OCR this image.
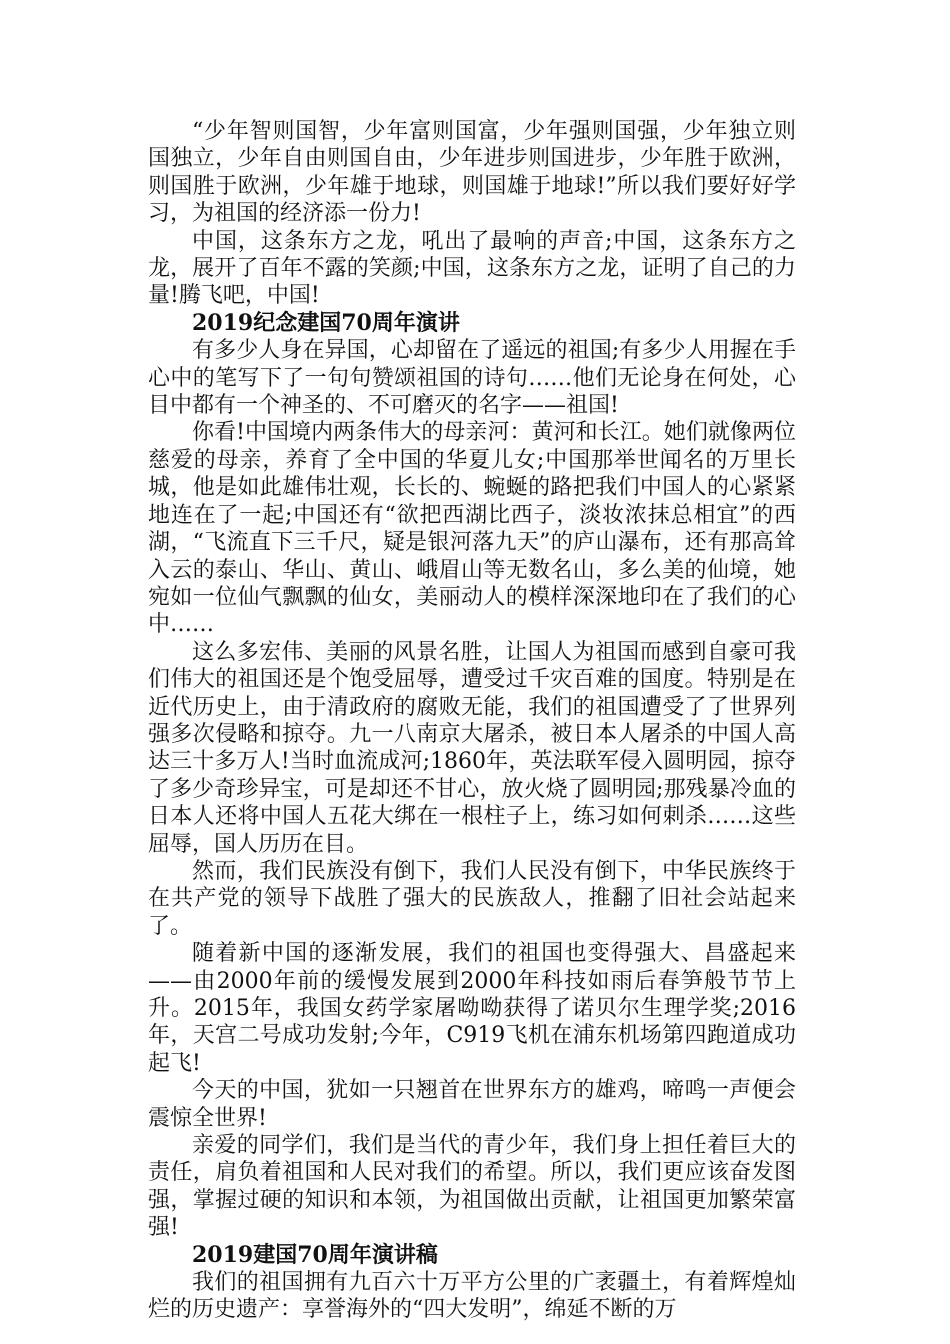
“少年智则国智，少年富则国富，少年强则国强，少年独立则国独立，少年自由则国自由，少年进步则国进步，少年胜于欧洲，则国胜于欧洲，少年雄于地球，则国雄于地球!”所以我们要好好学习，为祖国的经济添一份力!

中国，这条东方之龙，吼出了最响的声音;中国，这条东方之龙，展开了百年不露的笑颜;中国，这条东方之龙，证明了自己的力量!腾飞吧，中国!

2019纪念建国70周年演讲

有多少人身在异国，心却留在了遥远的祖国;有多少人用握在手心中的笔写下了一句句赞颂祖国的诗句……他们无论身在何处，心目中都有一个神圣的、不可磨灭的名字——祖国!

你看!中国境内两条伟大的母亲河：黄河和长江。她们就像两位慈爱的母亲，养育了全中国的华夏儿女;中国那举世闻名的万里长城，他是如此雄伟壮观，长长的、蜿蜒的路把我们中国人的心紧紧地连在了一起;中国还有“欲把西湖比西子，淡妆浓抹总相宜”的西湖，“飞流直下三千尺，疑是银河落九天”的庐山瀑布，还有那高耸入云的泰山、华山、黄山、峨眉山等无数名山，多么美的仙境，她宛如一位仙气飘飘的仙女，美丽动人的模样深深地印在了我们的心中……

这么多宏伟、美丽的风景名胜，让国人为祖国而感到自豪可我们伟大的祖国还是个饱受屈辱，遭受过千灾百难的国度。特别是在近代历史上，由于清政府的腐败无能，我们的祖国遭受了了世界列强多次侵略和掠夺。九一八南京大屠杀，被日本人屠杀的中国人高达三十多万人!当时血流成河;1860年，英法联军侵入圆明园，掠夺了多少奇珍异宝，可是却还不甘心，放火烧了圆明园;那残暴冷血的日本人还将中国人五花大绑在一根柱子上，练习如何刺杀……这些屈辱，国人历历在目。

然而，我们民族没有倒下，我们人民没有倒下，中华民族终于在共产党的领导下战胜了强大的民族敌人，推翻了旧社会站起来了。

随着新中国的逐渐发展，我们的祖国也变得强大、昌盛起来——由2000年前的缓慢发展到2000年科技如雨后春笋般节节上升。2015年，我国女药学家屠呦呦获得了诺贝尔生理学奖;2016年，天宫二号成功发射;今年，C919飞机在浦东机场第四跑道成功起飞!

今天的中国，犹如一只翘首在世界东方的雄鸡，啼鸣一声便会震惊全世界!

亲爱的同学们，我们是当代的青少年，我们身上担任着巨大的责任，肩负着祖国和人民对我们的希望。所以，我们更应该奋发图强，掌握过硬的知识和本领，为祖国做出贡献，让祖国更加繁荣富强!

2019建国70周年演讲稿

我们的祖国拥有九百六十万平方公里的广袤疆土，有着辉煌灿烂的历史遗产：享誉海外的“四大发明”，绵延不断的万
